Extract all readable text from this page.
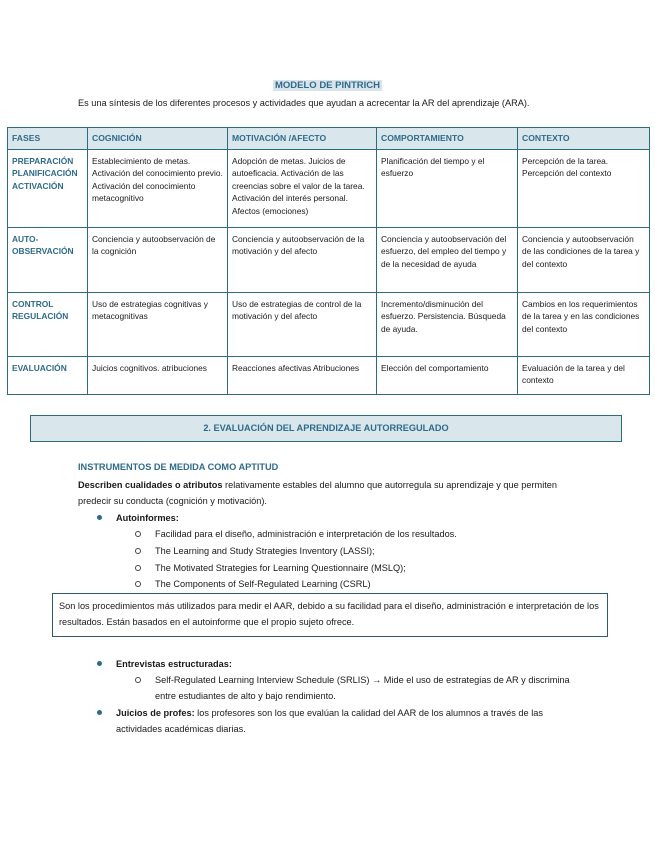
MODELO DE PINTRICH
Es una síntesis de los diferentes procesos y actividades que ayudan a acrecentar la AR del aprendizaje (ARA).
FASES	COGNICIÓN	MOTIVACIÓN /AFECTO	COMPORTAMIENTO	CONTEXTO
PREPARACIÓN PLANIFICACIÓN ACTIVACIÓN	Establecimiento de metas. Activación del conocimiento previo. Activación del conocimiento metacognitivo	Adopción de metas. Juicios de autoeficacia. Activación de las creencias sobre el valor de la tarea. Activación del interés personal. Afectos (emociones)	Planificación del tiempo y el esfuerzo	Percepción de la tarea. Percepción del contexto
AUTO-OBSERVACIÓN	Conciencia y autoobservación de la cognición	Conciencia y autoobservación de la motivación y del afecto	Conciencia y autoobservación del esfuerzo, del empleo del tiempo y de la necesidad de ayuda	Conciencia y autoobservación de las condiciones de la tarea y del contexto
CONTROL REGULACIÓN	Uso de estrategias cognitivas y metacognitivas	Uso de estrategias de control de la motivación y del afecto	Incremento/disminución del esfuerzo. Persistencia. Búsqueda de ayuda.	Cambios en los requerimientos de la tarea y en las condiciones del contexto
EVALUACIÓN	Juicios cognitivos. atribuciones	Reacciones afectivas Atribuciones	Elección del comportamiento	Evaluación de la tarea y del contexto
2. EVALUACIÓN DEL APRENDIZAJE AUTORREGULADO
INSTRUMENTOS DE MEDIDA COMO APTITUD
Describen cualidades o atributos relativamente estables del alumno que autorregula su aprendizaje y que permiten predecir su conducta (cognición y motivación).
Autoinformes:
Facilidad para el diseño, administración e interpretación de los resultados.
The Learning and Study Strategies Inventory (LASSI);
The Motivated Strategies for Learning Questionnaire (MSLQ);
The Components of Self-Regulated Learning (CSRL)
Son los procedimientos más utilizados para medir el AAR, debido a su facilidad para el diseño, administración e interpretación de los resultados. Están basados en el autoinforme que el propio sujeto ofrece.
Entrevistas estructuradas:
Self-Regulated Learning Interview Schedule (SRLIS) → Mide el uso de estrategias de AR y discrimina entre estudiantes de alto y bajo rendimiento.
Juicios de profes: los profesores son los que evalúan la calidad del AAR de los alumnos a través de las actividades académicas diarias.
